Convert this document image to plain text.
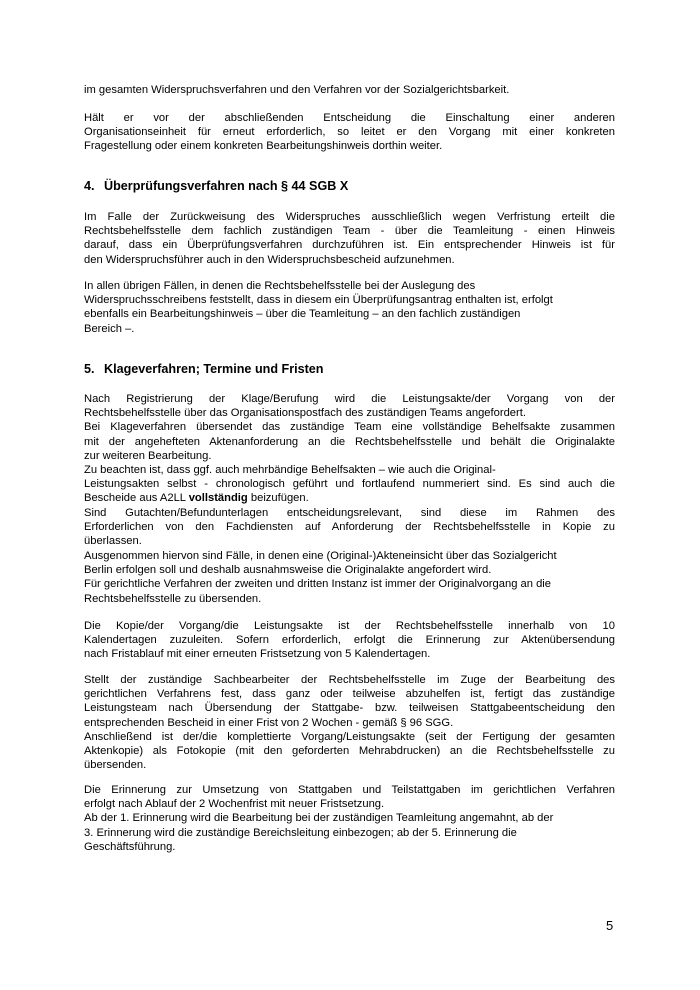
im gesamten Widerspruchsverfahren und den Verfahren vor der Sozialgerichtsbarkeit.
Hält er vor der abschließenden Entscheidung die Einschaltung einer anderen
Organisationseinheit für erneut erforderlich, so leitet er den Vorgang mit einer konkreten
Fragestellung oder einem konkreten Bearbeitungshinweis dorthin weiter.
4. Überprüfungsverfahren nach § 44 SGB X
Im Falle der Zurückweisung des Widerspruches ausschließlich wegen Verfristung erteilt die
Rechtsbehelfsstelle dem fachlich zuständigen Team - über die Teamleitung - einen Hinweis
darauf, dass ein Überprüfungsverfahren durchzuführen ist. Ein entsprechender Hinweis ist für
den Widerspruchsführer auch in den Widerspruchsbescheid aufzunehmen.
In allen übrigen Fällen, in denen die Rechtsbehelfsstelle bei der Auslegung des
Widerspruchsschreibens feststellt, dass in diesem ein Überprüfungsantrag enthalten ist, erfolgt
ebenfalls ein Bearbeitungshinweis – über die Teamleitung – an den fachlich zuständigen
Bereich –.
5. Klageverfahren; Termine und Fristen
Nach Registrierung der Klage/Berufung wird die Leistungsakte/der Vorgang von der
Rechtsbehelfsstelle über das Organisationspostfach des zuständigen Teams angefordert.
Bei Klageverfahren übersendet das zuständige Team eine vollständige Behelfsakte zusammen
mit der angehefteten Aktenanforderung an die Rechtsbehelfsstelle und behält die Originalakte
zur weiteren Bearbeitung.
Zu beachten ist, dass ggf. auch mehrbändige Behelfsakten – wie auch die Original-
Leistungsakten selbst - chronologisch geführt und fortlaufend nummeriert sind. Es sind auch die
Bescheide aus A2LL vollständig beizufügen.
Sind Gutachten/Befundunterlagen entscheidungsrelevant, sind diese im Rahmen des
Erforderlichen von den Fachdiensten auf Anforderung der Rechtsbehelfsstelle in Kopie zu
überlassen.
Ausgenommen hiervon sind Fälle, in denen eine (Original-)Akteneinsicht über das Sozialgericht
Berlin erfolgen soll und deshalb ausnahmsweise die Originalakte angefordert wird.
Für gerichtliche Verfahren der zweiten und dritten Instanz ist immer der Originalvorgang an die
Rechtsbehelfsstelle zu übersenden.
Die Kopie/der Vorgang/die Leistungsakte ist der Rechtsbehelfsstelle innerhalb von 10
Kalendertagen zuzuleiten. Sofern erforderlich, erfolgt die Erinnerung zur Aktenübersendung
nach Fristablauf mit einer erneuten Fristsetzung von 5 Kalendertagen.
Stellt der zuständige Sachbearbeiter der Rechtsbehelfsstelle im Zuge der Bearbeitung des
gerichtlichen Verfahrens fest, dass ganz oder teilweise abzuhelfen ist, fertigt das zuständige
Leistungsteam nach Übersendung der Stattgabe- bzw. teilweisen Stattgabeentscheidung den
entsprechenden Bescheid in einer Frist von 2 Wochen - gemäß § 96 SGG.
Anschließend ist der/die komplettierte Vorgang/Leistungsakte (seit der Fertigung der gesamten
Aktenkopie) als Fotokopie (mit den geforderten Mehrabdrucken) an die Rechtsbehelfsstelle zu
übersenden.
Die Erinnerung zur Umsetzung von Stattgaben und Teilstattgaben im gerichtlichen Verfahren
erfolgt nach Ablauf der 2 Wochenfrist mit neuer Fristsetzung.
Ab der 1. Erinnerung wird die Bearbeitung bei der zuständigen Teamleitung angemahnt, ab der
3. Erinnerung wird die zuständige Bereichsleitung einbezogen; ab der 5. Erinnerung die
Geschäftsführung.
5
